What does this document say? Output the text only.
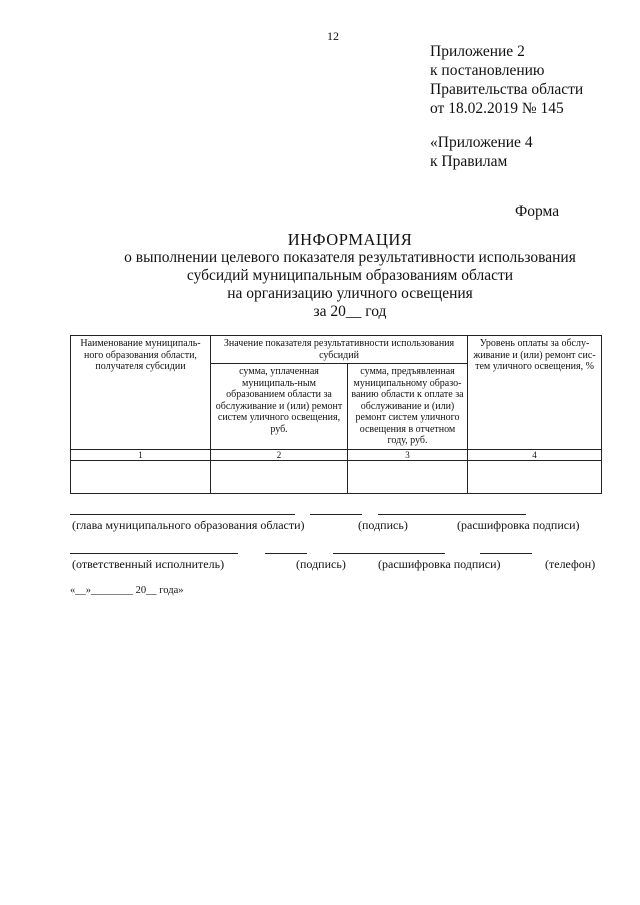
12
Приложение 2
к постановлению
Правительства области
от 18.02.2019 № 145
«Приложение 4
к Правилам
Форма
ИНФОРМАЦИЯ
о выполнении целевого показателя результативности использования
субсидий муниципальным образованиям области
на организацию уличного освещения
за 20__ год
Наименование муниципаль-ного образования области, получателя субсидии	Значение показателя результативности использования субсидий		Уровень оплаты за обслу-живание и (или) ремонт сис-тем уличного освещения, %
	сумма, уплаченная муниципаль-ным образованием области за обслуживание и (или) ремонт систем уличного освещения, руб.	сумма, предъявленная муниципальному образо-ванию области к оплате за обслуживание и (или) ремонт систем уличного освещения в отчетном году, руб.	
1	2	3	4

(глава муниципального образования области)	(подпись)	(расшифровка подписи)
(ответственный исполнитель)	(подпись)	(расшифровка подписи)	(телефон)
«__»________ 20__ года»
